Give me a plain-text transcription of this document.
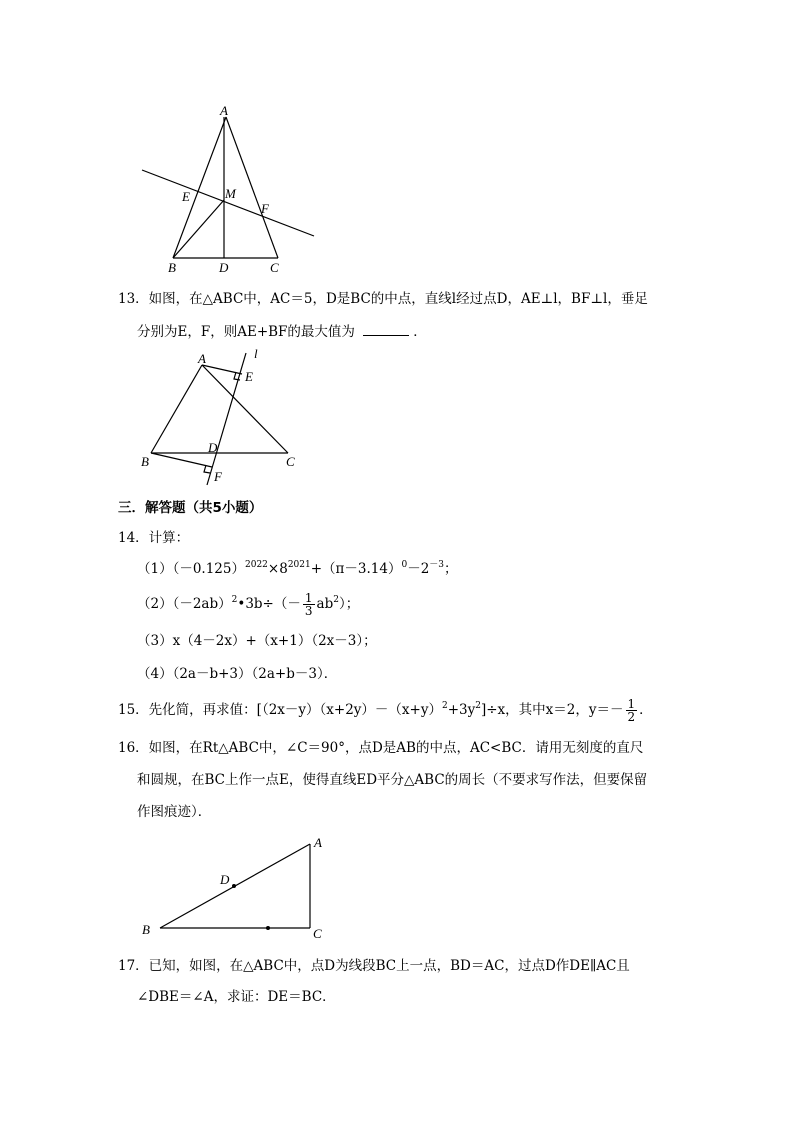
A
B	C
D
E
F
M
13．如图，在△ABC中，AC＝5，D是BC的中点，直线l经过点D，AE⊥l，BF⊥l，垂足
分别为E，F，则AE+BF的最大值为	．
A
B	C
D
E
F
l
三．解答题（共5小题）
14．计算：
$(1)(-0.125)^{2022}\times 8^{2021}+(\pi-3.14)^0-2^{-3}$；
$(2)(-2ab)^2•3b\div(- \frac{1}{3} ab^2)$；
（3）x（4－2x）+（x+1）（2x－3）；
（4）（2a－b+3）（2a+b－3）．
15．先化简，再求值：$[(2x-y)(x+2y)-(x+y)^2+3y^2]\div x$，其中x＝2，$y=- \frac{1}{2}$ ．
16．如图，在Rt△ABC中，∠C＝90°，点D是AB的中点，AC<BC．请用无刻度的直尺
和圆规，在BC上作一点E，使得直线ED平分△ABC的周长（不要求写作法，但要保留
作图痕迹）．
A
B	C
D
17．已知，如图，在△ABC中，点D为线段BC上一点，BD＝AC，过点D作DE∥AC且
∠DBE＝∠A，求证：DE＝BC．
